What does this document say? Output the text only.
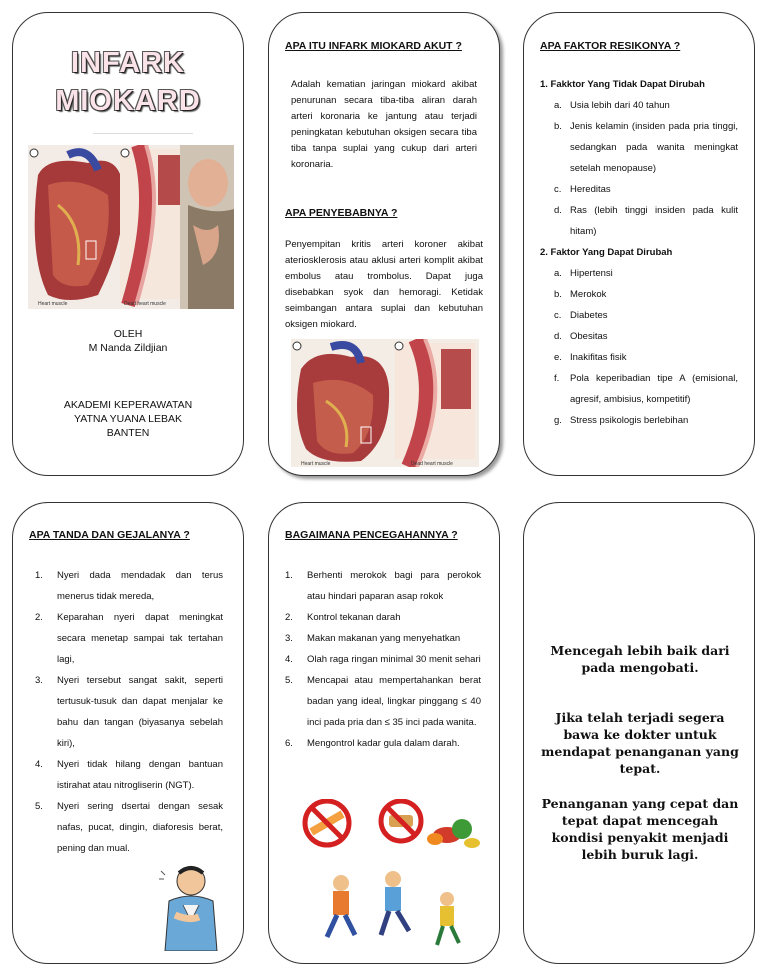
INFARK
MIOKARD
Heart muscle	Dead heart muscle
OLEH
M Nanda Zildjian
AKADEMI KEPERAWATAN
YATNA YUANA LEBAK
BANTEN
APA ITU INFARK MIOKARD AKUT ?
Adalah kematian jaringan miokard akibat penurunan secara tiba-tiba aliran darah arteri koronaria ke jantung atau terjadi peningkatan kebutuhan oksigen secara tiba tiba tanpa suplai yang cukup dari arteri koronaria.
APA PENYEBABNYA ?
Penyempitan kritis arteri koroner akibat aterioskIerosis atau aklusi arteri komplit akibat embolus atau trombolus. Dapat juga disebabkan syok dan hemoragi. Ketidak seimbangan antara suplai dan kebutuhan oksigen miokard.
Heart muscle	Dead heart muscle
APA FAKTOR RESIKONYA ?
1. Fakktor Yang Tidak Dapat Dirubah
a. Usia lebih dari 40 tahun
b. Jenis kelamin (insiden pada pria tinggi, sedangkan pada wanita meningkat setelah menopause)
c. Hereditas
d. Ras (lebih tinggi insiden pada kulit hitam)
2. Faktor Yang Dapat Dirubah
a. Hipertensi
b. Merokok
c. Diabetes
d. Obesitas
e. Inakifitas fisik
f. Pola keperibadian tipe A (emisional, agresif, ambisius, kompetitif)
g. Stress psikologis berlebihan
APA TANDA DAN GEJALANYA ?
1. Nyeri dada mendadak dan terus menerus tidak mereda,
2. Keparahan nyeri dapat meningkat secara menetap sampai tak tertahan lagi,
3. Nyeri tersebut sangat sakit, seperti tertusuk-tusuk dan dapat menjalar ke bahu dan tangan (biyasanya sebelah kiri),
4. Nyeri tidak hilang dengan bantuan istirahat atau nitrogliserin (NGT).
5. Nyeri sering dsertai dengan sesak nafas, pucat, dingin, diaforesis berat, pening dan mual.
BAGAIMANA PENCEGAHANNYA ?
1. Berhenti merokok bagi para perokok atau hindari paparan asap rokok
2. Kontrol tekanan darah
3. Makan makanan yang menyehatkan
4. Olah raga ringan minimal 30 menit sehari
5. Mencapai atau mempertahankan berat badan yang ideal, lingkar pinggang ≤ 40 inci pada pria dan ≤ 35 inci pada wanita.
6. Mengontrol kadar gula dalam darah.
Mencegah lebih baik dari pada mengobati.
Jika telah terjadi segera bawa ke dokter untuk mendapat penanganan yang tepat.
Penanganan yang cepat dan tepat dapat mencegah kondisi penyakit menjadi lebih buruk lagi.
